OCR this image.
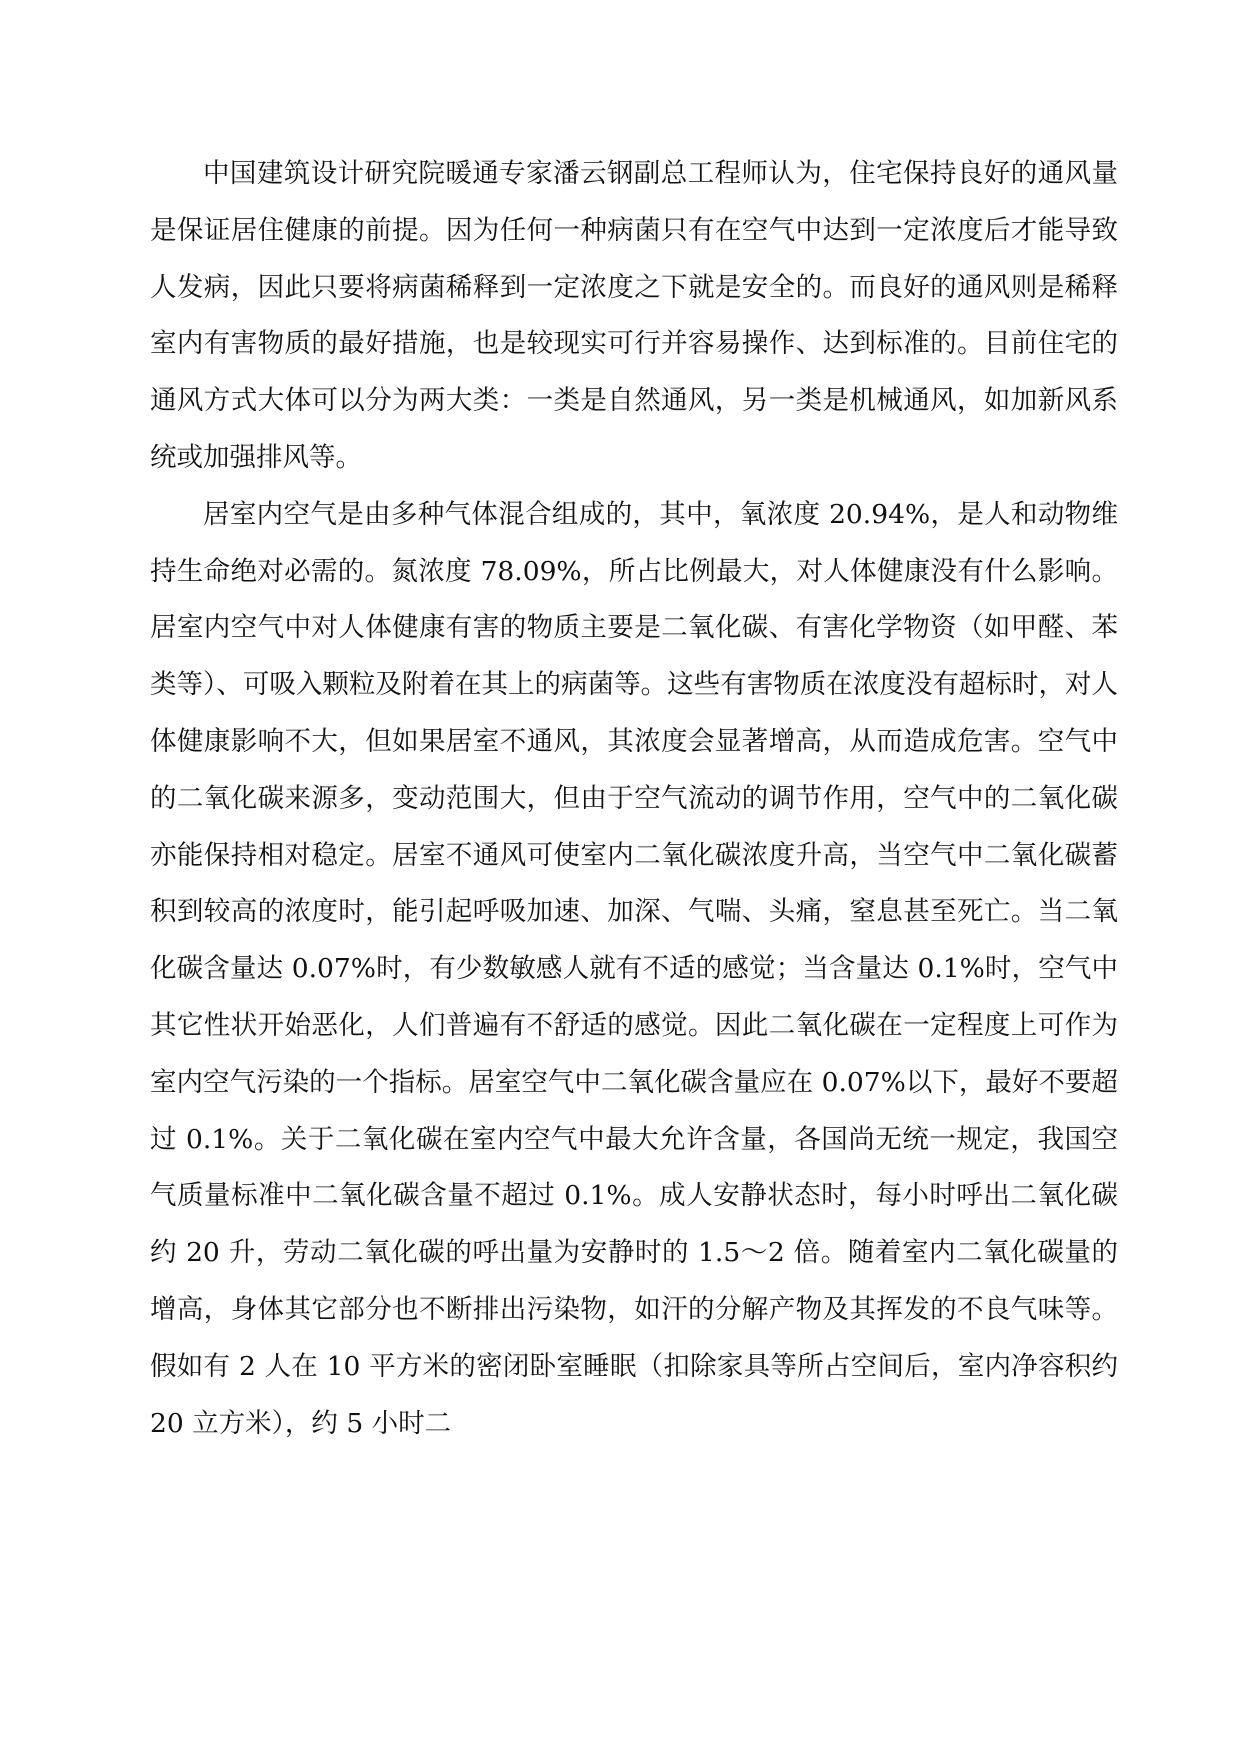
中国建筑设计研究院暖通专家潘云钢副总工程师认为，住宅保持良好的通风量是保证居住健康的前提。因为任何一种病菌只有在空气中达到一定浓度后才能导致人发病，因此只要将病菌稀释到一定浓度之下就是安全的。而良好的通风则是稀释室内有害物质的最好措施，也是较现实可行并容易操作、达到标准的。目前住宅的通风方式大体可以分为两大类：一类是自然通风，另一类是机械通风，如加新风系统或加强排风等。

居室内空气是由多种气体混合组成的，其中，氧浓度 20.94%，是人和动物维持生命绝对必需的。氮浓度 78.09%，所占比例最大，对人体健康没有什么影响。居室内空气中对人体健康有害的物质主要是二氧化碳、有害化学物资（如甲醛、苯类等）、可吸入颗粒及附着在其上的病菌等。这些有害物质在浓度没有超标时，对人体健康影响不大，但如果居室不通风，其浓度会显著增高，从而造成危害。空气中的二氧化碳来源多，变动范围大，但由于空气流动的调节作用，空气中的二氧化碳亦能保持相对稳定。居室不通风可使室内二氧化碳浓度升高，当空气中二氧化碳蓄积到较高的浓度时，能引起呼吸加速、加深、气喘、头痛，窒息甚至死亡。当二氧化碳含量达 0.07%时，有少数敏感人就有不适的感觉；当含量达 0.1%时，空气中其它性状开始恶化，人们普遍有不舒适的感觉。因此二氧化碳在一定程度上可作为室内空气污染的一个指标。居室空气中二氧化碳含量应在 0.07%以下，最好不要超过 0.1%。关于二氧化碳在室内空气中最大允许含量，各国尚无统一规定，我国空气质量标准中二氧化碳含量不超过 0.1%。成人安静状态时，每小时呼出二氧化碳约 20 升，劳动二氧化碳的呼出量为安静时的 1.5～2 倍。随着室内二氧化碳量的增高，身体其它部分也不断排出污染物，如汗的分解产物及其挥发的不良气味等。假如有 2 人在 10 平方米的密闭卧室睡眠（扣除家具等所占空间后，室内净容积约 20 立方米），约 5 小时二
